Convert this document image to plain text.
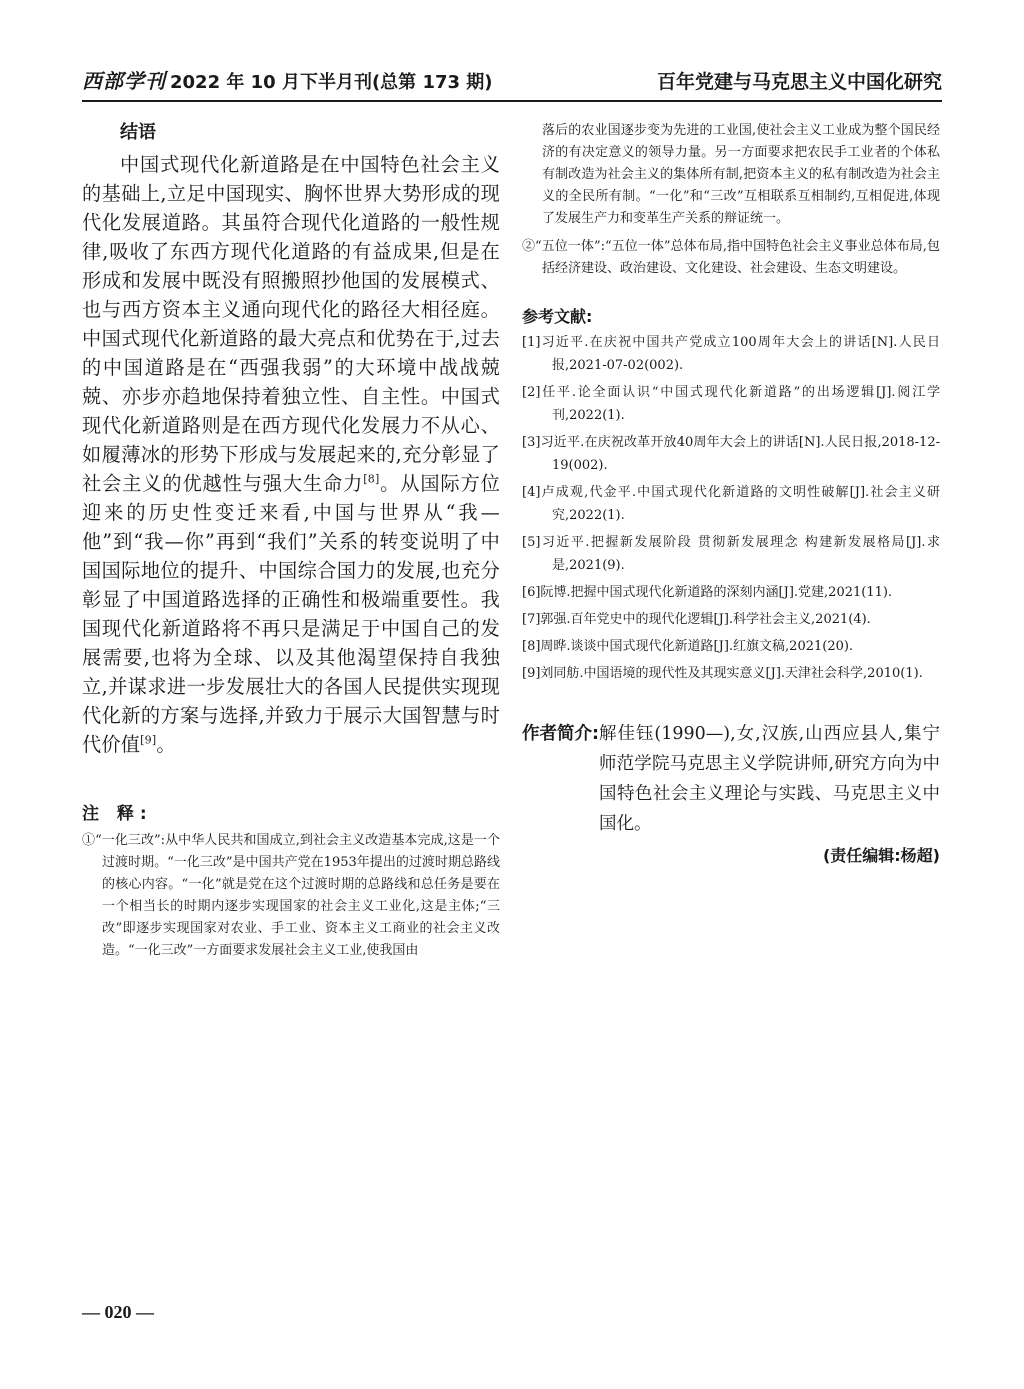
西部学刊 2022 年 10 月下半月刊(总第 173 期)	百年党建与马克思主义中国化研究
结语

中国式现代化新道路是在中国特色社会主义的基础上,立足中国现实、胸怀世界大势形成的现代化发展道路。其虽符合现代化道路的一般性规律,吸收了东西方现代化道路的有益成果,但是在形成和发展中既没有照搬照抄他国的发展模式、也与西方资本主义通向现代化的路径大相径庭。中国式现代化新道路的最大亮点和优势在于,过去的中国道路是在“西强我弱”的大环境中战战兢兢、亦步亦趋地保持着独立性、自主性。中国式现代化新道路则是在西方现代化发展力不从心、如履薄冰的形势下形成与发展起来的,充分彰显了社会主义的优越性与强大生命力[8]。从国际方位迎来的历史性变迁来看,中国与世界从“我—他”到“我—你”再到“我们”关系的转变说明了中国国际地位的提升、中国综合国力的发展,也充分彰显了中国道路选择的正确性和极端重要性。我国现代化新道路将不再只是满足于中国自己的发展需要,也将为全球、以及其他渴望保持自我独立,并谋求进一步发展壮大的各国人民提供实现现代化新的方案与选择,并致力于展示大国智慧与时代价值[9]。

注 释:
①“一化三改”:从中华人民共和国成立,到社会主义改造基本完成,这是一个过渡时期。“一化三改”是中国共产党在1953年提出的过渡时期总路线的核心内容。“一化”就是党在这个过渡时期的总路线和总任务是要在一个相当长的时期内逐步实现国家的社会主义工业化,这是主体;“三改”即逐步实现国家对农业、手工业、资本主义工商业的社会主义改造。“一化三改”一方面要求发展社会主义工业,使我国由
落后的农业国逐步变为先进的工业国,使社会主义工业成为整个国民经济的有决定意义的领导力量。另一方面要求把农民手工业者的个体私有制改造为社会主义的集体所有制,把资本主义的私有制改造为社会主义的全民所有制。“一化”和“三改”互相联系互相制约,互相促进,体现了发展生产力和变革生产关系的辩证统一。
②“五位一体”:“五位一体”总体布局,指中国特色社会主义事业总体布局,包括经济建设、政治建设、文化建设、社会建设、生态文明建设。
参考文献:
[1]习近平.在庆祝中国共产党成立100周年大会上的讲话[N].人民日报,2021-07-02(002).
[2]任平.论全面认识“中国式现代化新道路”的出场逻辑[J].阅江学刊,2022(1).
[3]习近平.在庆祝改革开放40周年大会上的讲话[N].人民日报,2018-12-19(002).
[4]卢成观,代金平.中国式现代化新道路的文明性破解[J].社会主义研究,2022(1).
[5]习近平.把握新发展阶段 贯彻新发展理念 构建新发展格局[J].求是,2021(9).
[6]阮博.把握中国式现代化新道路的深刻内涵[J].党建,2021(11).
[7]郭强.百年党史中的现代化逻辑[J].科学社会主义,2021(4).
[8]周晔.谈谈中国式现代化新道路[J].红旗文稿,2021(20).
[9]刘同舫.中国语境的现代性及其现实意义[J].天津社会科学,2010(1).
作者简介: 解佳钰(1990—),女,汉族,山西应县人,集宁师范学院马克思主义学院讲师,研究方向为中国特色社会主义理论与实践、马克思主义中国化。
(责任编辑:杨超)
— 020 —
